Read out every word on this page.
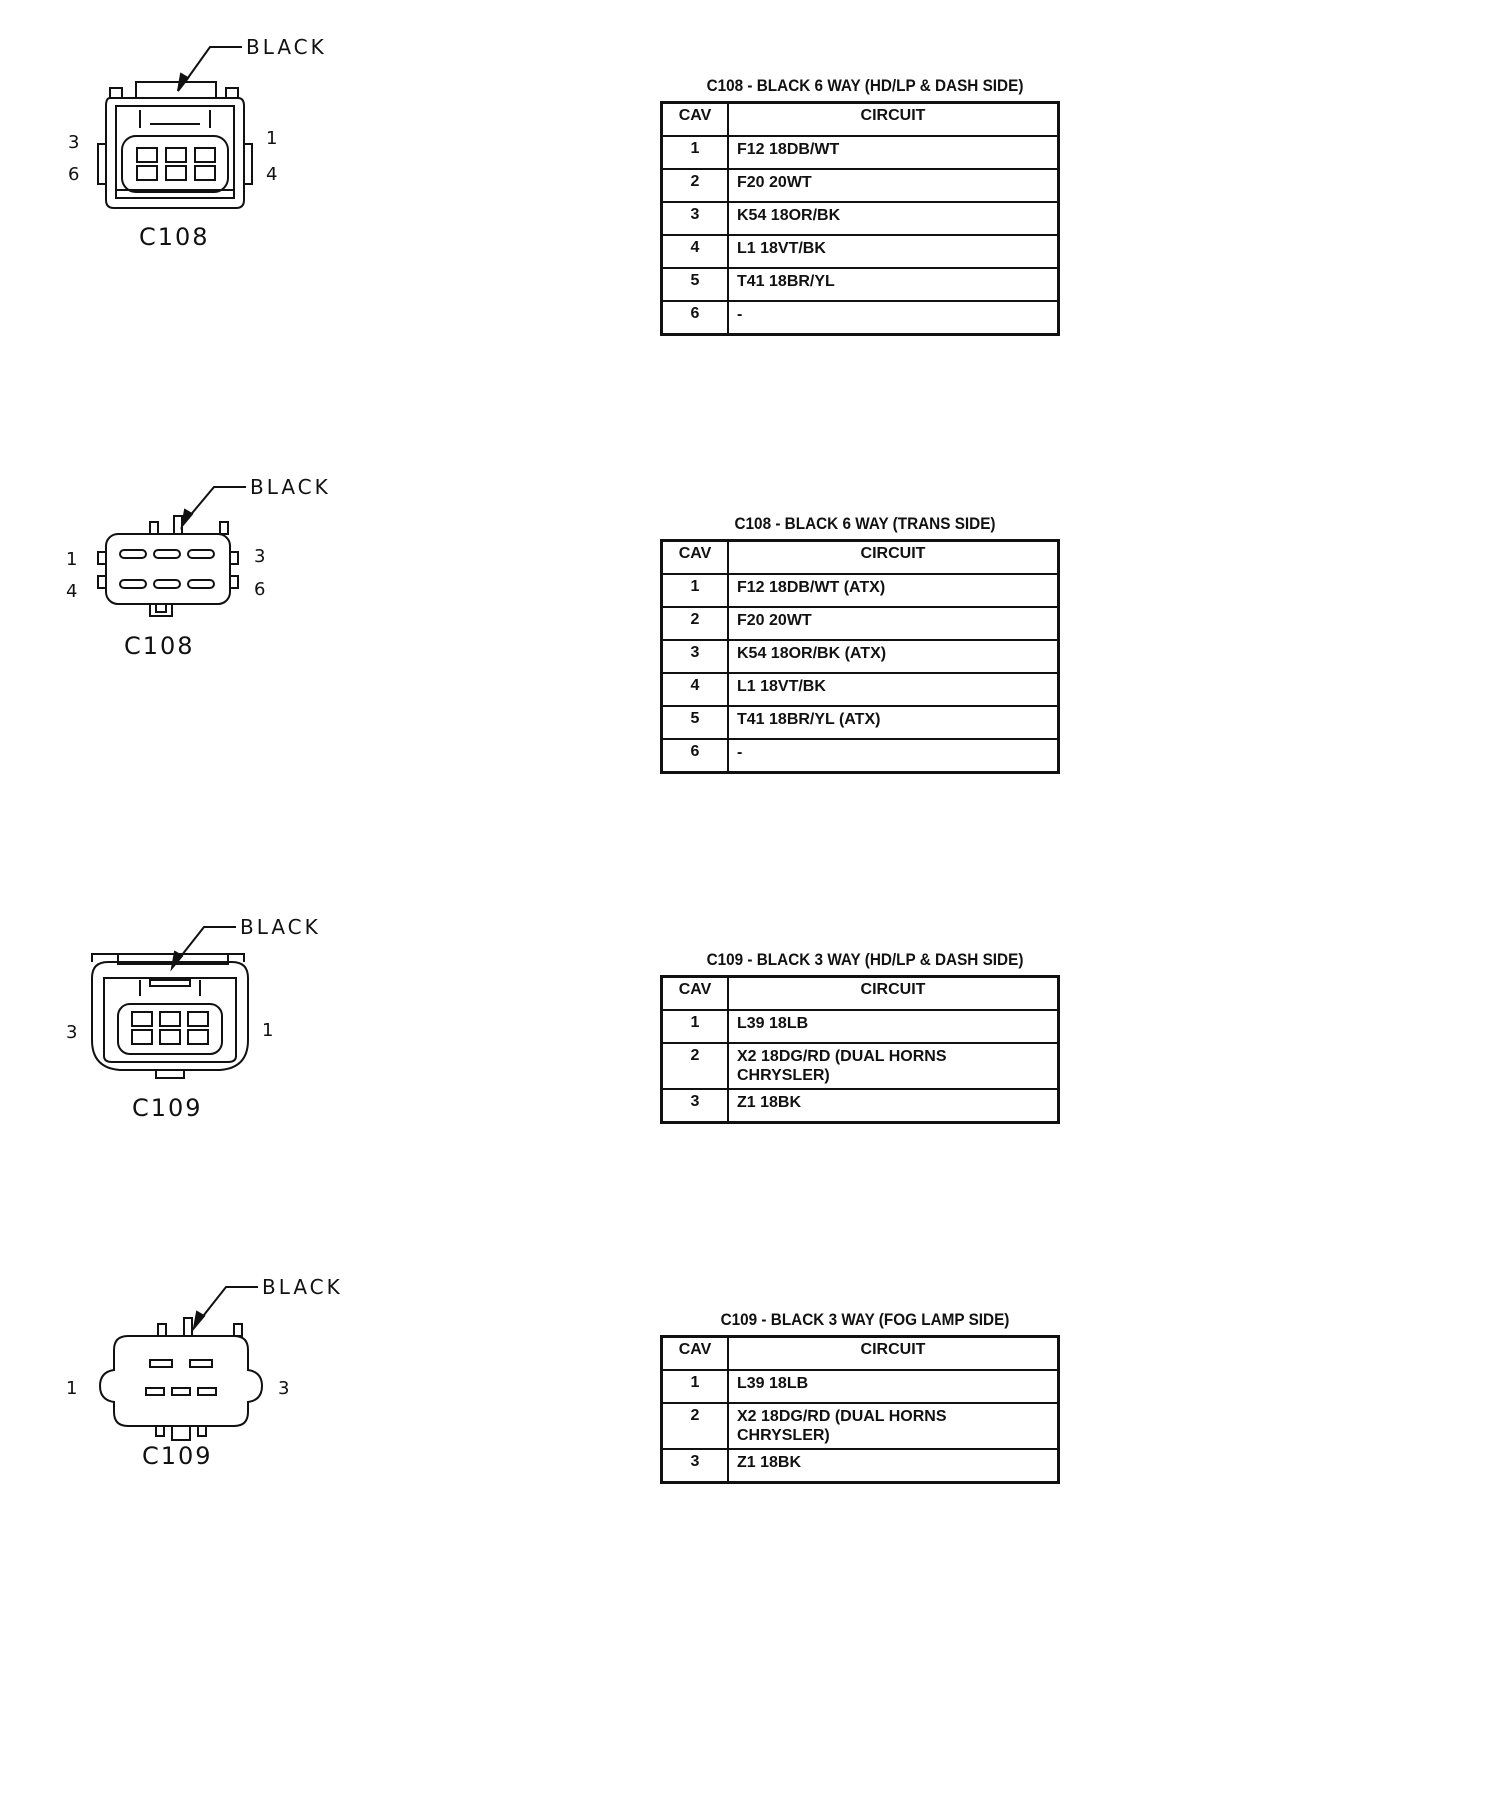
BLACK
3	1
6	4
C108
C108 - BLACK 6 WAY (HD/LP & DASH SIDE)
CAV	CIRCUIT
1	F12 18DB/WT
2	F20 20WT
3	K54 18OR/BK
4	L1 18VT/BK
5	T41 18BR/YL
6	-
BLACK
1	3
4	6
C108
C108 - BLACK 6 WAY (TRANS SIDE)
CAV	CIRCUIT
1	F12 18DB/WT (ATX)
2	F20 20WT
3	K54 18OR/BK (ATX)
4	L1 18VT/BK
5	T41 18BR/YL (ATX)
6	-
BLACK
3	1
C109
C109 - BLACK 3 WAY (HD/LP & DASH SIDE)
CAV	CIRCUIT
1	L39 18LB
2	X2 18DG/RD (DUAL HORNS
CHRYSLER)
3	Z1 18BK
BLACK
1	3
C109
C109 - BLACK 3 WAY (FOG LAMP SIDE)
CAV	CIRCUIT
1	L39 18LB
2	X2 18DG/RD (DUAL HORNS
CHRYSLER)
3	Z1 18BK
